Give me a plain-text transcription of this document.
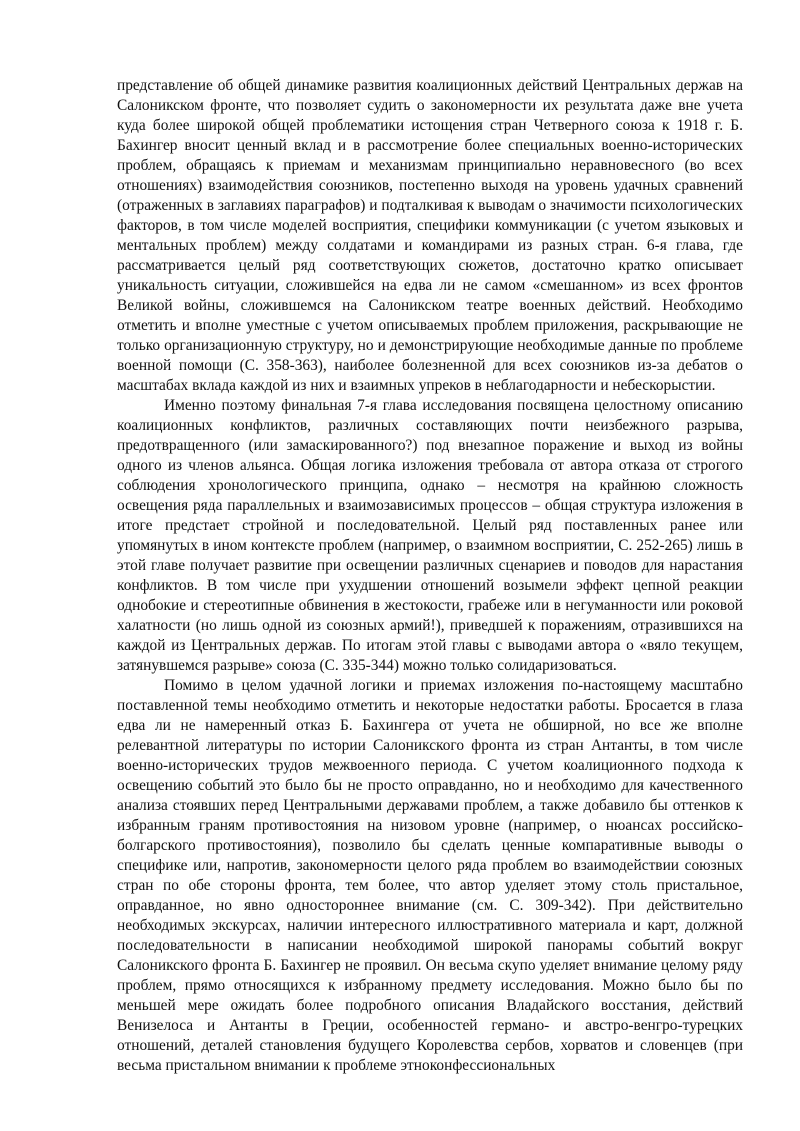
представление об общей динамике развития коалиционных действий Центральных держав на Салоникском фронте, что позволяет судить о закономерности их результата даже вне учета куда более широкой общей проблематики истощения стран Четверного союза к 1918 г. Б. Бахингер вносит ценный вклад и в рассмотрение более специальных военно-исторических проблем, обращаясь к приемам и механизмам принципиально неравновесного (во всех отношениях) взаимодействия союзников, постепенно выходя на уровень удачных сравнений (отраженных в заглавиях параграфов) и подталкивая к выводам о значимости психологических факторов, в том числе моделей восприятия, специфики коммуникации (с учетом языковых и ментальных проблем) между солдатами и командирами из разных стран. 6-я глава, где рассматривается целый ряд соответствующих сюжетов, достаточно кратко описывает уникальность ситуации, сложившейся на едва ли не самом «смешанном» из всех фронтов Великой войны, сложившемся на Салоникском театре военных действий. Необходимо отметить и вполне уместные с учетом описываемых проблем приложения, раскрывающие не только организационную структуру, но и демонстрирующие необходимые данные по проблеме военной помощи (С. 358-363), наиболее болезненной для всех союзников из-за дебатов о масштабах вклада каждой из них и взаимных упреков в неблагодарности и небескорыстии.

Именно поэтому финальная 7-я глава исследования посвящена целостному описанию коалиционных конфликтов, различных составляющих почти неизбежного разрыва, предотвращенного (или замаскированного?) под внезапное поражение и выход из войны одного из членов альянса. Общая логика изложения требовала от автора отказа от строгого соблюдения хронологического принципа, однако – несмотря на крайнюю сложность освещения ряда параллельных и взаимозависимых процессов – общая структура изложения в итоге предстает стройной и последовательной. Целый ряд поставленных ранее или упомянутых в ином контексте проблем (например, о взаимном восприятии, С. 252-265) лишь в этой главе получает развитие при освещении различных сценариев и поводов для нарастания конфликтов. В том числе при ухудшении отношений возымели эффект цепной реакции однобокие и стереотипные обвинения в жестокости, грабеже или в негуманности или роковой халатности (но лишь одной из союзных армий!), приведшей к поражениям, отразившихся на каждой из Центральных держав. По итогам этой главы с выводами автора о «вяло текущем, затянувшемся разрыве» союза (С. 335-344) можно только солидаризоваться.

Помимо в целом удачной логики и приемах изложения по-настоящему масштабно поставленной темы необходимо отметить и некоторые недостатки работы. Бросается в глаза едва ли не намеренный отказ Б. Бахингера от учета не обширной, но все же вполне релевантной литературы по истории Салоникского фронта из стран Антанты, в том числе военно-исторических трудов межвоенного периода. С учетом коалиционного подхода к освещению событий это было бы не просто оправданно, но и необходимо для качественного анализа стоявших перед Центральными державами проблем, а также добавило бы оттенков к избранным граням противостояния на низовом уровне (например, о нюансах российско-болгарского противостояния), позволило бы сделать ценные компаративные выводы о специфике или, напротив, закономерности целого ряда проблем во взаимодействии союзных стран по обе стороны фронта, тем более, что автор уделяет этому столь пристальное, оправданное, но явно одностороннее внимание (см. С. 309-342). При действительно необходимых экскурсах, наличии интересного иллюстративного материала и карт, должной последовательности в написании необходимой широкой панорамы событий вокруг Салоникского фронта Б. Бахингер не проявил. Он весьма скупо уделяет внимание целому ряду проблем, прямо относящихся к избранному предмету исследования. Можно было бы по меньшей мере ожидать более подробного описания Владайского восстания, действий Венизелоса и Антанты в Греции, особенностей германо- и австро-венгро-турецких отношений, деталей становления будущего Королевства сербов, хорватов и словенцев (при весьма пристальном внимании к проблеме этноконфессиональных
